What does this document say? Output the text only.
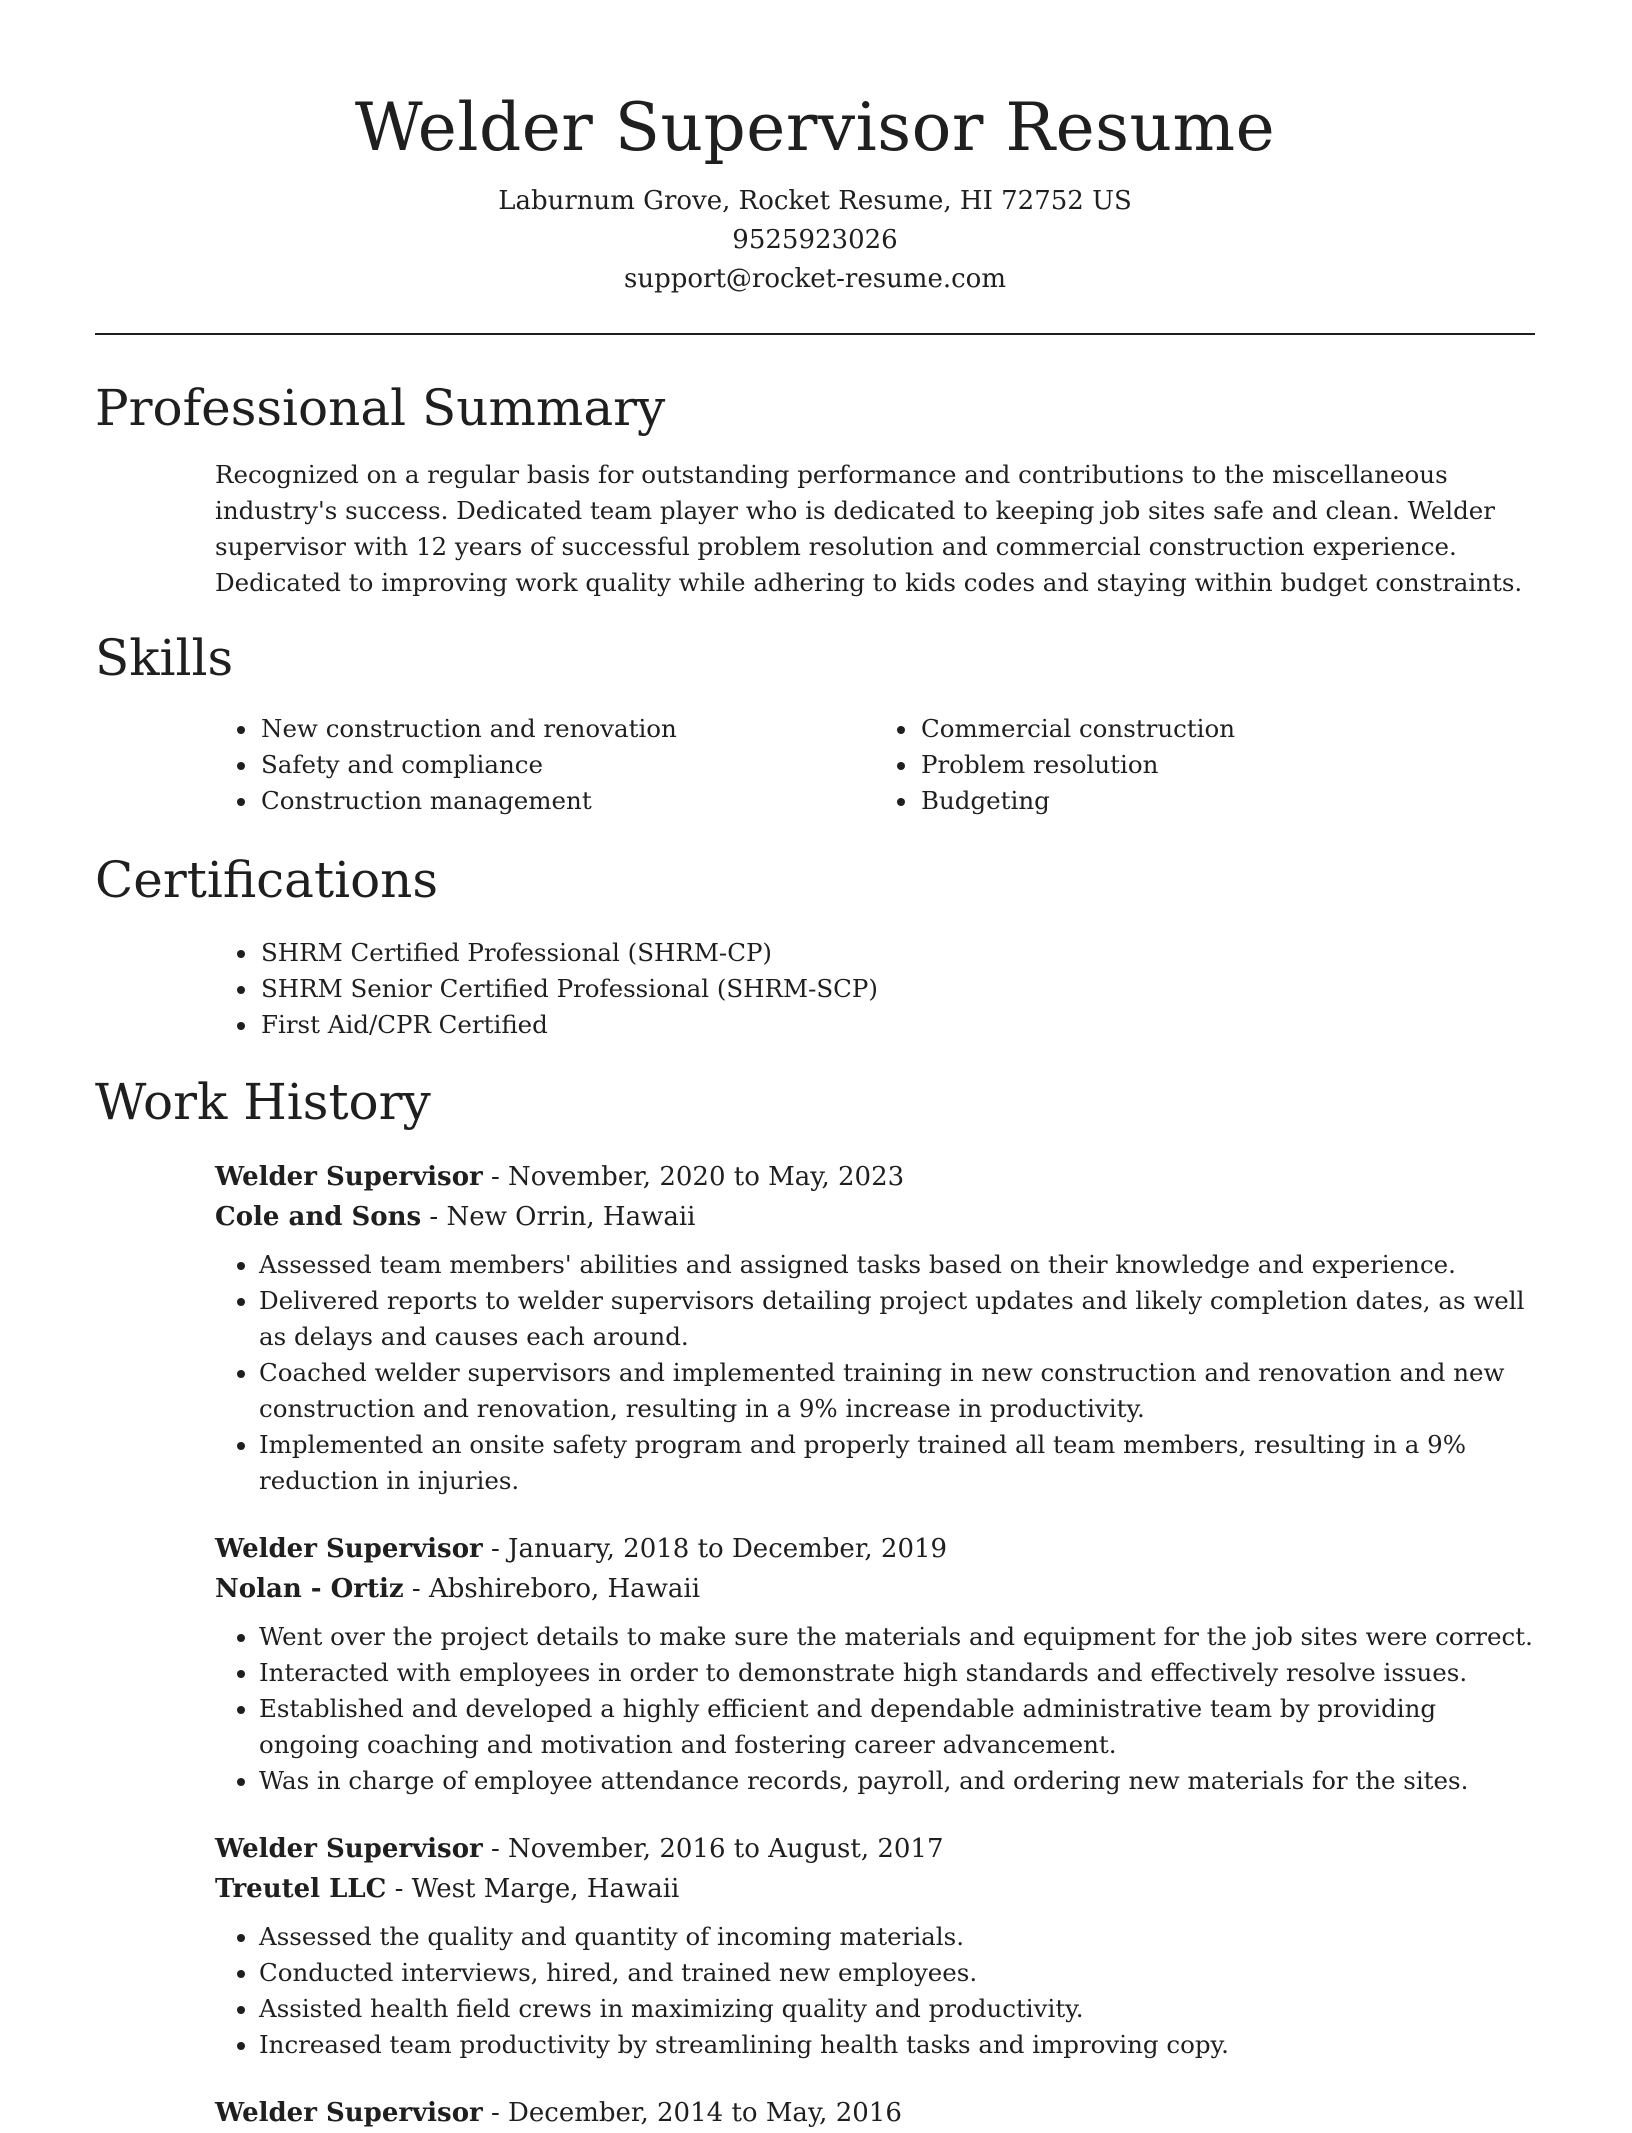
Welder Supervisor Resume
Laburnum Grove, Rocket Resume, HI 72752 US
9525923026
support@rocket-resume.com
Professional Summary

Recognized on a regular basis for outstanding performance and contributions to the miscellaneous industry's success. Dedicated team player who is dedicated to keeping job sites safe and clean. Welder supervisor with 12 years of successful problem resolution and commercial construction experience. Dedicated to improving work quality while adhering to kids codes and staying within budget constraints.

Skills
• New construction and renovation
• Safety and compliance
• Construction management
• Commercial construction
• Problem resolution
• Budgeting
Certifications
• SHRM Certified Professional (SHRM-CP)
• SHRM Senior Certified Professional (SHRM-SCP)
• First Aid/CPR Certified
Work History
Welder Supervisor - November, 2020 to May, 2023
Cole and Sons - New Orrin, Hawaii
• Assessed team members' abilities and assigned tasks based on their knowledge and experience.
• Delivered reports to welder supervisors detailing project updates and likely completion dates, as well as delays and causes each around.
• Coached welder supervisors and implemented training in new construction and renovation and new construction and renovation, resulting in a 9% increase in productivity.
• Implemented an onsite safety program and properly trained all team members, resulting in a 9% reduction in injuries.
Welder Supervisor - January, 2018 to December, 2019
Nolan - Ortiz - Abshireboro, Hawaii
• Went over the project details to make sure the materials and equipment for the job sites were correct.
• Interacted with employees in order to demonstrate high standards and effectively resolve issues.
• Established and developed a highly efficient and dependable administrative team by providing ongoing coaching and motivation and fostering career advancement.
• Was in charge of employee attendance records, payroll, and ordering new materials for the sites.
Welder Supervisor - November, 2016 to August, 2017
Treutel LLC - West Marge, Hawaii
• Assessed the quality and quantity of incoming materials.
• Conducted interviews, hired, and trained new employees.
• Assisted health field crews in maximizing quality and productivity.
• Increased team productivity by streamlining health tasks and improving copy.
Welder Supervisor - December, 2014 to May, 2016
